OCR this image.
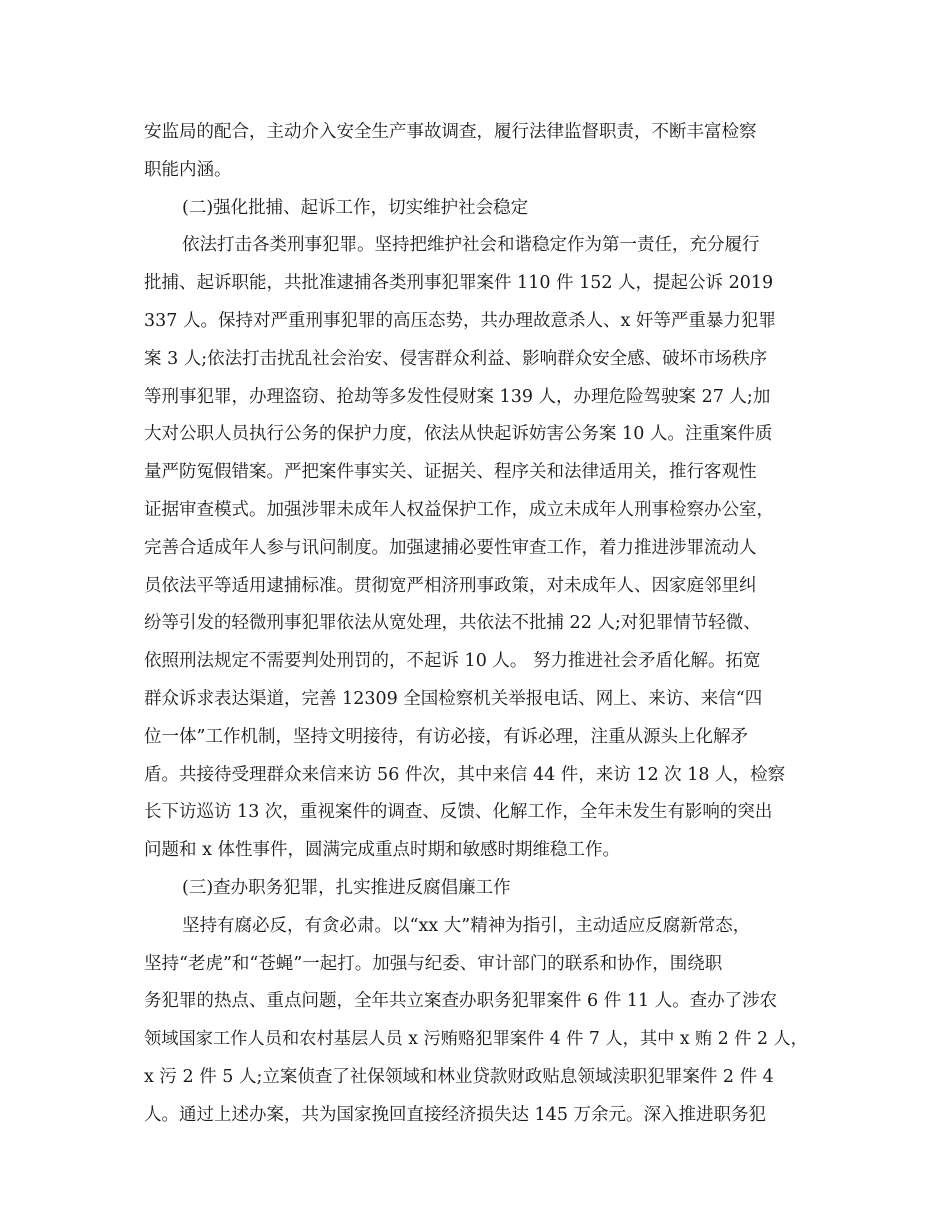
安监局的配合，主动介入安全生产事故调查，履行法律监督职责，不断丰富检察
职能内涵。
(二)强化批捕、起诉工作，切实维护社会稳定
依法打击各类刑事犯罪。坚持把维护社会和谐稳定作为第一责任，充分履行
批捕、起诉职能，共批准逮捕各类刑事犯罪案件 110 件 152 人，提起公诉 2019
337 人。保持对严重刑事犯罪的高压态势，共办理故意杀人、x 奸等严重暴力犯罪
案 3 人;依法打击扰乱社会治安、侵害群众利益、影响群众安全感、破坏市场秩序
等刑事犯罪，办理盗窃、抢劫等多发性侵财案 139 人，办理危险驾驶案 27 人;加
大对公职人员执行公务的保护力度，依法从快起诉妨害公务案 10 人。注重案件质
量严防冤假错案。严把案件事实关、证据关、程序关和法律适用关，推行客观性
证据审查模式。加强涉罪未成年人权益保护工作，成立未成年人刑事检察办公室，
完善合适成年人参与讯问制度。加强逮捕必要性审查工作，着力推进涉罪流动人
员依法平等适用逮捕标准。贯彻宽严相济刑事政策，对未成年人、因家庭邻里纠
纷等引发的轻微刑事犯罪依法从宽处理，共依法不批捕 22 人;对犯罪情节轻微、
依照刑法规定不需要判处刑罚的，不起诉 10 人。 努力推进社会矛盾化解。拓宽
群众诉求表达渠道，完善 12309 全国检察机关举报电话、网上、来访、来信“四
位一体”工作机制，坚持文明接待，有访必接，有诉必理，注重从源头上化解矛
盾。共接待受理群众来信来访 56 件次，其中来信 44 件，来访 12 次 18 人，检察
长下访巡访 13 次，重视案件的调查、反馈、化解工作，全年未发生有影响的突出
问题和 x 体性事件，圆满完成重点时期和敏感时期维稳工作。
(三)查办职务犯罪，扎实推进反腐倡廉工作
坚持有腐必反，有贪必肃。以“xx 大”精神为指引，主动适应反腐新常态，
坚持“老虎”和“苍蝇”一起打。加强与纪委、审计部门的联系和协作，围绕职
务犯罪的热点、重点问题，全年共立案查办职务犯罪案件 6 件 11 人。查办了涉农
领域国家工作人员和农村基层人员 x 污贿赂犯罪案件 4 件 7 人，其中 x 贿 2 件 2 人，
x 污 2 件 5 人;立案侦查了社保领域和林业贷款财政贴息领域渎职犯罪案件 2 件 4
人。通过上述办案，共为国家挽回直接经济损失达 145 万余元。深入推进职务犯
